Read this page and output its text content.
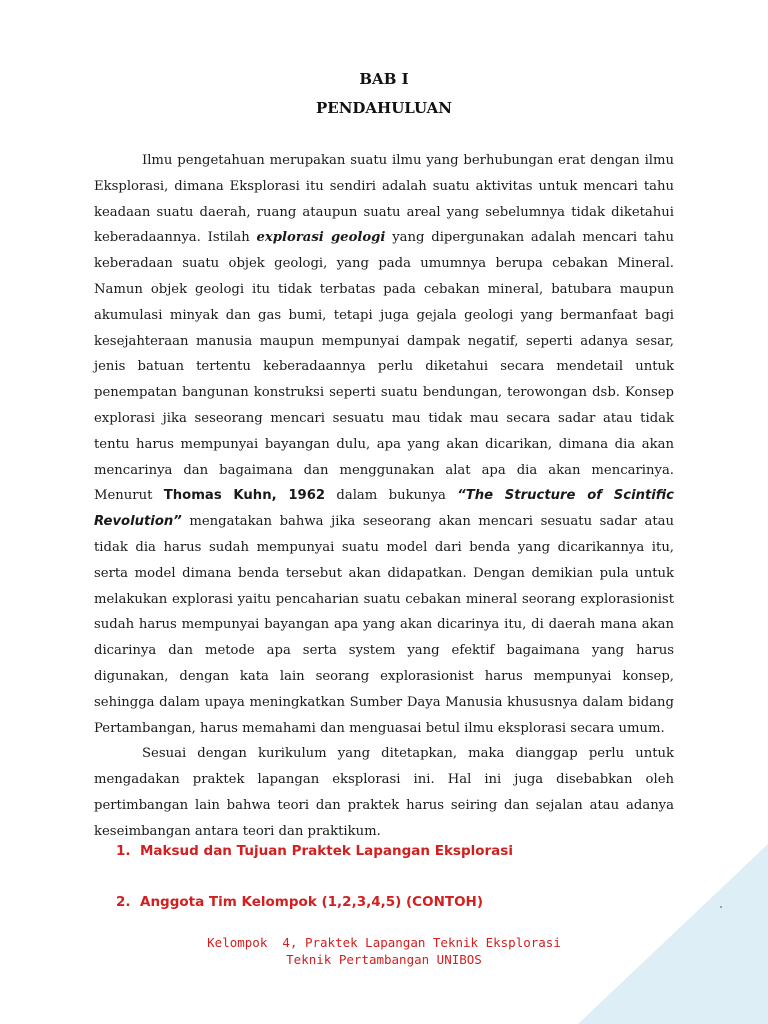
BAB I
PENDAHULUAN

Ilmu pengetahuan merupakan suatu ilmu yang berhubungan erat dengan ilmu Eksplorasi, dimana Eksplorasi itu sendiri adalah suatu aktivitas untuk mencari tahu keadaan suatu daerah, ruang ataupun suatu areal yang sebelumnya tidak diketahui keberadaannya. Istilah explorasi geologi yang dipergunakan adalah mencari tahu keberadaan suatu objek geologi, yang pada umumnya berupa cebakan Mineral. Namun objek geologi itu tidak terbatas pada cebakan mineral, batubara maupun akumulasi minyak dan gas bumi, tetapi juga gejala geologi yang bermanfaat bagi kesejahteraan manusia maupun mempunyai dampak negatif, seperti adanya sesar, jenis batuan tertentu keberadaannya perlu diketahui secara mendetail untuk penempatan bangunan konstruksi seperti suatu bendungan, terowongan dsb. Konsep explorasi jika seseorang mencari sesuatu mau tidak mau secara sadar atau tidak tentu harus mempunyai bayangan dulu, apa yang akan dicarikan, dimana dia akan mencarinya dan bagaimana dan menggunakan alat apa dia akan mencarinya. Menurut Thomas Kuhn, 1962 dalam bukunya “The Structure of Scintific Revolution” mengatakan bahwa jika seseorang akan mencari sesuatu sadar atau tidak dia harus sudah mempunyai suatu model dari benda yang dicarikannya itu, serta model dimana benda tersebut akan didapatkan. Dengan demikian pula untuk melakukan explorasi yaitu pencaharian suatu cebakan mineral seorang explorasionist sudah harus mempunyai bayangan apa yang akan dicarinya itu, di daerah mana akan dicarinya dan metode apa serta system yang efektif bagaimana yang harus digunakan, dengan kata lain seorang explorasionist harus mempunyai konsep, sehingga dalam upaya meningkatkan Sumber Daya Manusia khususnya dalam bidang Pertambangan, harus memahami dan menguasai betul ilmu eksplorasi secara umum.

Sesuai dengan kurikulum yang ditetapkan, maka dianggap perlu untuk mengadakan praktek lapangan eksplorasi ini. Hal ini juga disebabkan oleh pertimbangan lain bahwa teori dan praktek harus seiring dan sejalan atau adanya keseimbangan antara teori dan praktikum.

1. Maksud dan Tujuan Praktek Lapangan Eksplorasi
2. Anggota Tim Kelompok (1,2,3,4,5) (CONTOH)
Kelompok  4, Praktek Lapangan Teknik Eksplorasi
Teknik Pertambangan UNIBOS
